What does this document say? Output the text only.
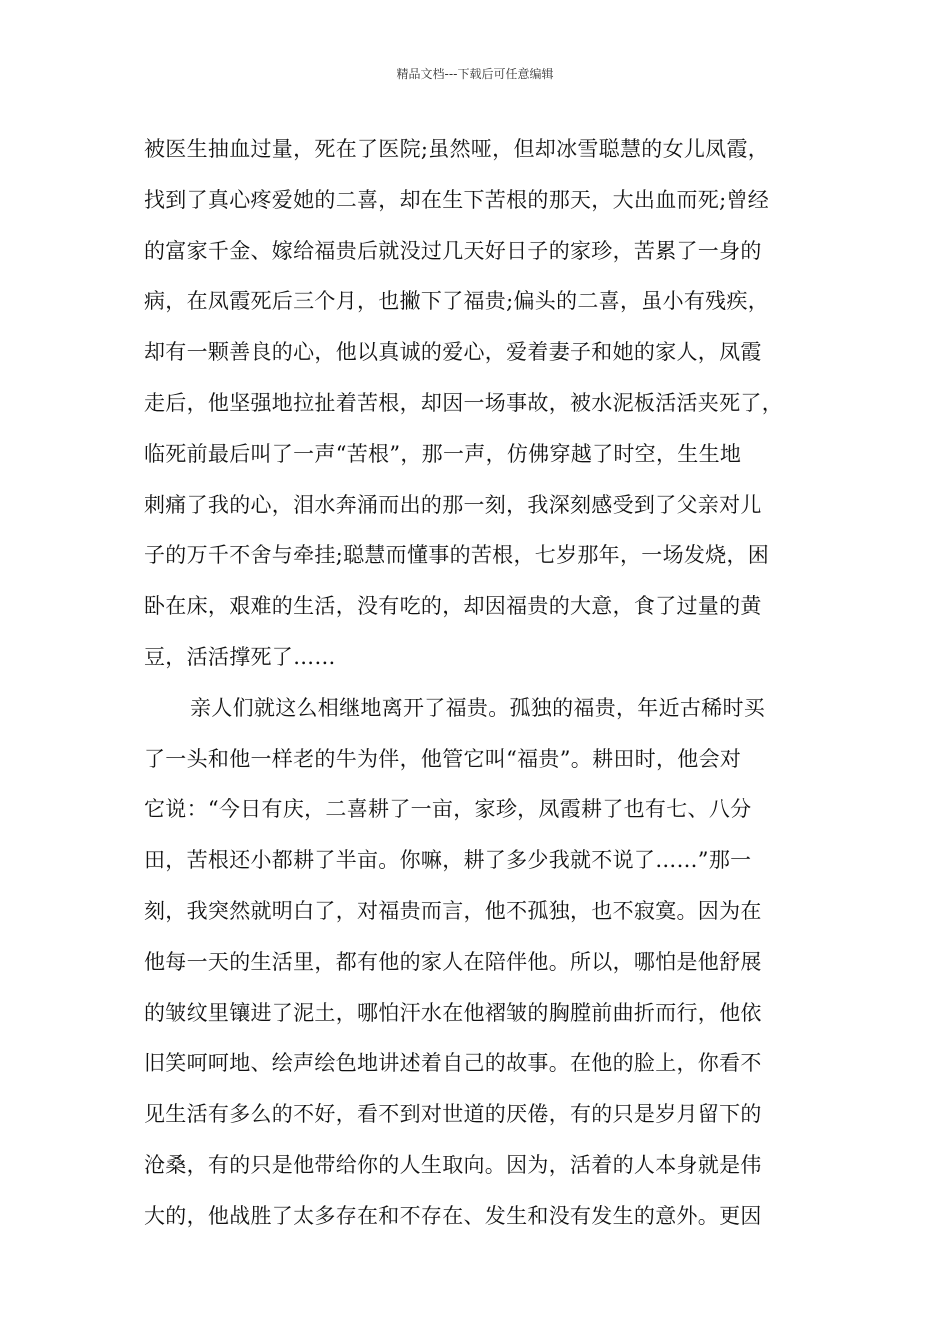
精品文档---下载后可任意编辑
被医生抽血过量，死在了医院;虽然哑，但却冰雪聪慧的女儿凤霞，
找到了真心疼爱她的二喜，却在生下苦根的那天，大出血而死;曾经
的富家千金、嫁给福贵后就没过几天好日子的家珍，苦累了一身的
病，在凤霞死后三个月，也撇下了福贵;偏头的二喜，虽小有残疾，
却有一颗善良的心，他以真诚的爱心，爱着妻子和她的家人，凤霞
走后，他坚强地拉扯着苦根，却因一场事故，被水泥板活活夹死了，
临死前最后叫了一声“苦根”，那一声，仿佛穿越了时空，生生地
刺痛了我的心，泪水奔涌而出的那一刻，我深刻感受到了父亲对儿
子的万千不舍与牵挂;聪慧而懂事的苦根，七岁那年，一场发烧，困
卧在床，艰难的生活，没有吃的，却因福贵的大意，食了过量的黄
豆，活活撑死了……
亲人们就这么相继地离开了福贵。孤独的福贵，年近古稀时买
了一头和他一样老的牛为伴，他管它叫“福贵”。耕田时，他会对
它说：“今日有庆，二喜耕了一亩，家珍，凤霞耕了也有七、八分
田，苦根还小都耕了半亩。你嘛，耕了多少我就不说了……”那一
刻，我突然就明白了，对福贵而言，他不孤独，也不寂寞。因为在
他每一天的生活里，都有他的家人在陪伴他。所以，哪怕是他舒展
的皱纹里镶进了泥土，哪怕汗水在他褶皱的胸膛前曲折而行，他依
旧笑呵呵地、绘声绘色地讲述着自己的故事。在他的脸上，你看不
见生活有多么的不好，看不到对世道的厌倦，有的只是岁月留下的
沧桑，有的只是他带给你的人生取向。因为，活着的人本身就是伟
大的，他战胜了太多存在和不存在、发生和没有发生的意外。更因
